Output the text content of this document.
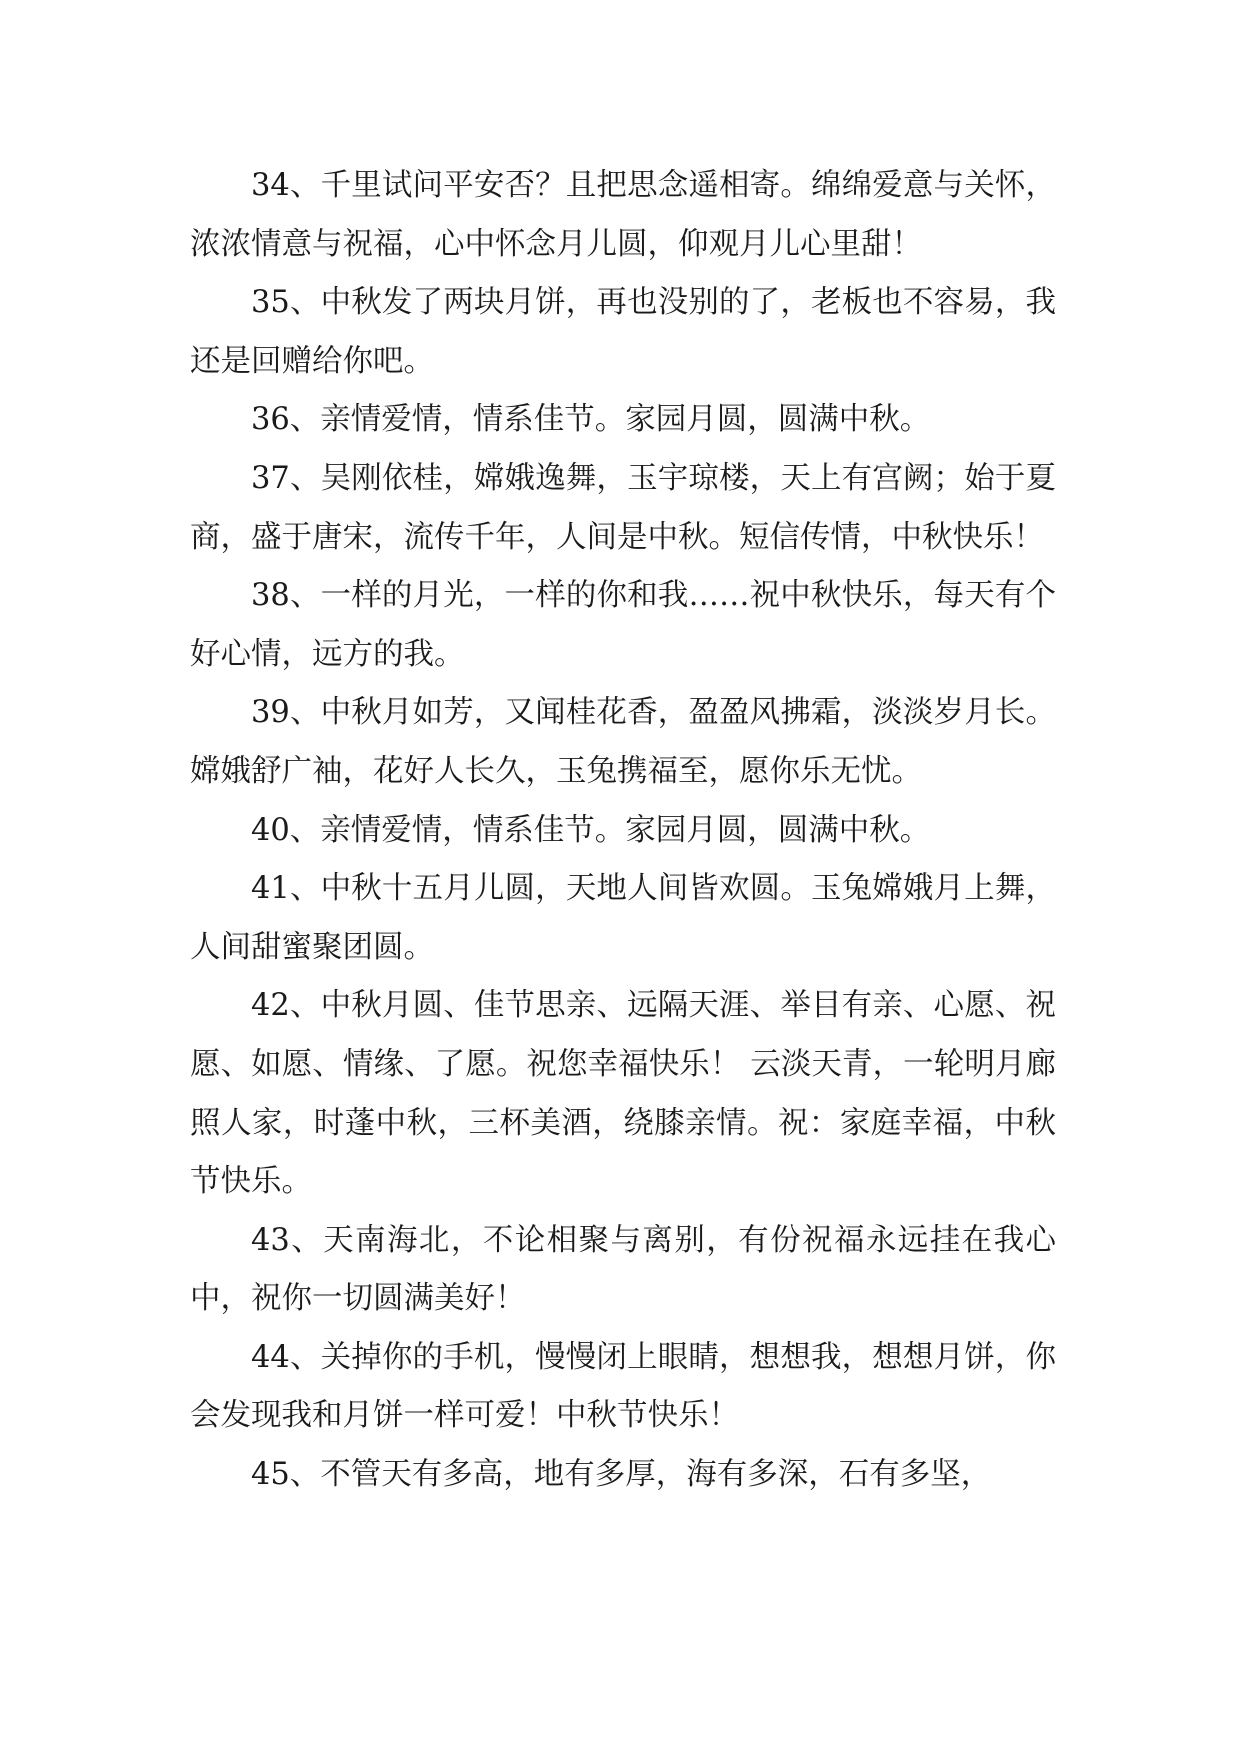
34、千里试问平安否？且把思念遥相寄。绵绵爱意与关怀，浓浓情意与祝福，心中怀念月儿圆，仰观月儿心里甜！

35、中秋发了两块月饼，再也没别的了，老板也不容易，我还是回赠给你吧。

36、亲情爱情，情系佳节。家园月圆，圆满中秋。

37、吴刚依桂，嫦娥逸舞，玉宇琼楼，天上有宫阙；始于夏商，盛于唐宋，流传千年，人间是中秋。短信传情，中秋快乐！

38、一样的月光，一样的你和我……祝中秋快乐，每天有个好心情，远方的我。

39、中秋月如芳，又闻桂花香，盈盈风拂霜，淡淡岁月长。嫦娥舒广袖，花好人长久，玉兔携福至，愿你乐无忧。

40、亲情爱情，情系佳节。家园月圆，圆满中秋。

41、中秋十五月儿圆，天地人间皆欢圆。玉兔嫦娥月上舞，人间甜蜜聚团圆。

42、中秋月圆、佳节思亲、远隔天涯、举目有亲、心愿、祝愿、如愿、情缘、了愿。祝您幸福快乐！ 云淡天青，一轮明月廊照人家，时蓬中秋，三杯美酒，绕膝亲情。祝：家庭幸福，中秋节快乐。

43、天南海北，不论相聚与离别，有份祝福永远挂在我心中，祝你一切圆满美好！

44、关掉你的手机，慢慢闭上眼睛，想想我，想想月饼，你会发现我和月饼一样可爱！中秋节快乐！

45、不管天有多高，地有多厚，海有多深，石有多坚，
